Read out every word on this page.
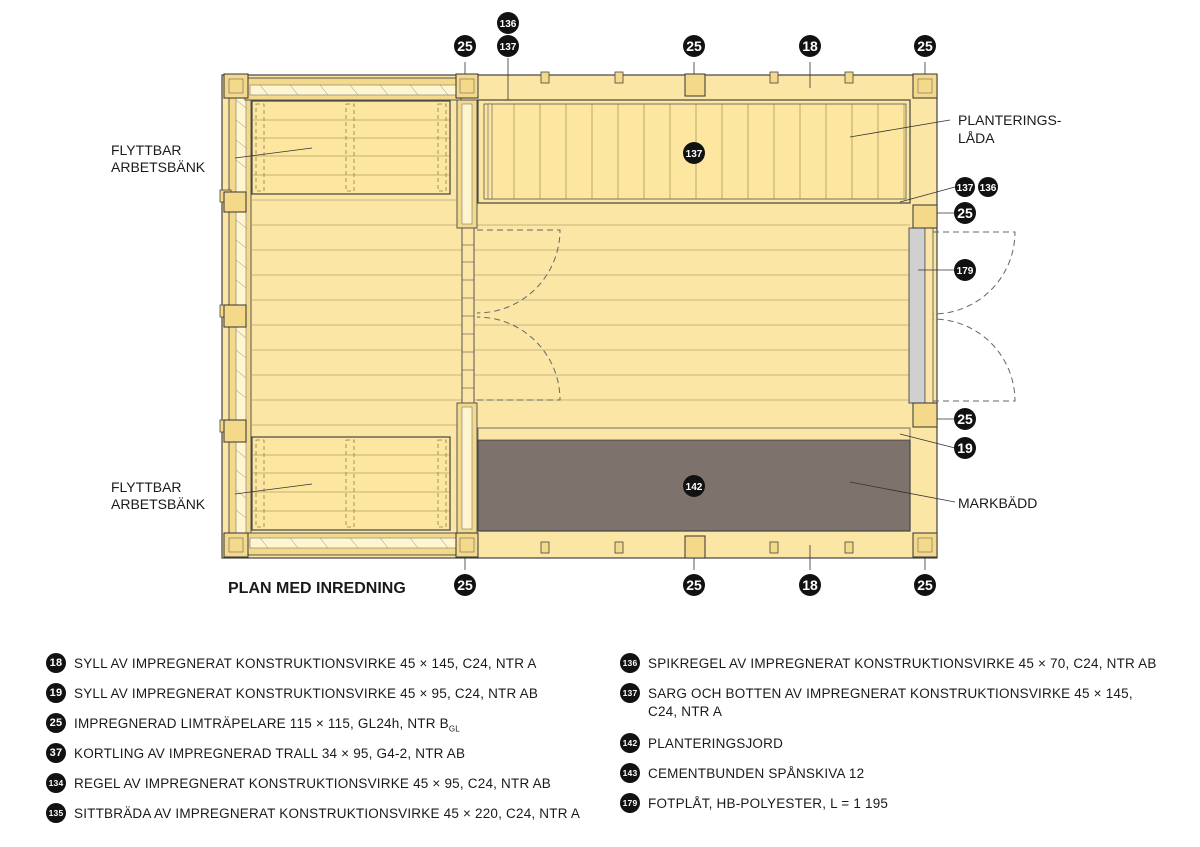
PLAN MED INREDNING
FLYTTBAR
ARBETSBÄNK
FLYTTBAR
ARBETSBÄNK
PLANTERINGS-
LÅDA
MARKBÄDD
25
136
137	25	18	25
137
137 136
25
179
25
19
142
25	25	18	25
18 SYLL AV IMPREGNERAT KONSTRUKTIONSVIRKE 45 × 145, C24, NTR A
19 SYLL AV IMPREGNERAT KONSTRUKTIONSVIRKE 45 × 95, C24, NTR AB
25 IMPREGNERAD LIMTRÄPELARE 115 × 115, GL24h, NTR $B_{GL}$
37 KORTLING AV IMPREGNERAD TRALL 34 × 95, G4-2, NTR AB
134 REGEL AV IMPREGNERAT KONSTRUKTIONSVIRKE 45 × 95, C24, NTR AB
135 SITTBRÄDA AV IMPREGNERAT KONSTRUKTIONSVIRKE 45 × 220, C24, NTR A
136 SPIKREGEL AV IMPREGNERAT KONSTRUKTIONSVIRKE 45 × 70, C24, NTR AB
137 SARG OCH BOTTEN AV IMPREGNERAT KONSTRUKTIONSVIRKE 45 × 145, C24, NTR A
142 PLANTERINGSJORD
143 CEMENTBUNDEN SPÅNSKIVA 12
179 FOTPLÅT, HB-POLYESTER, L = 1 195
